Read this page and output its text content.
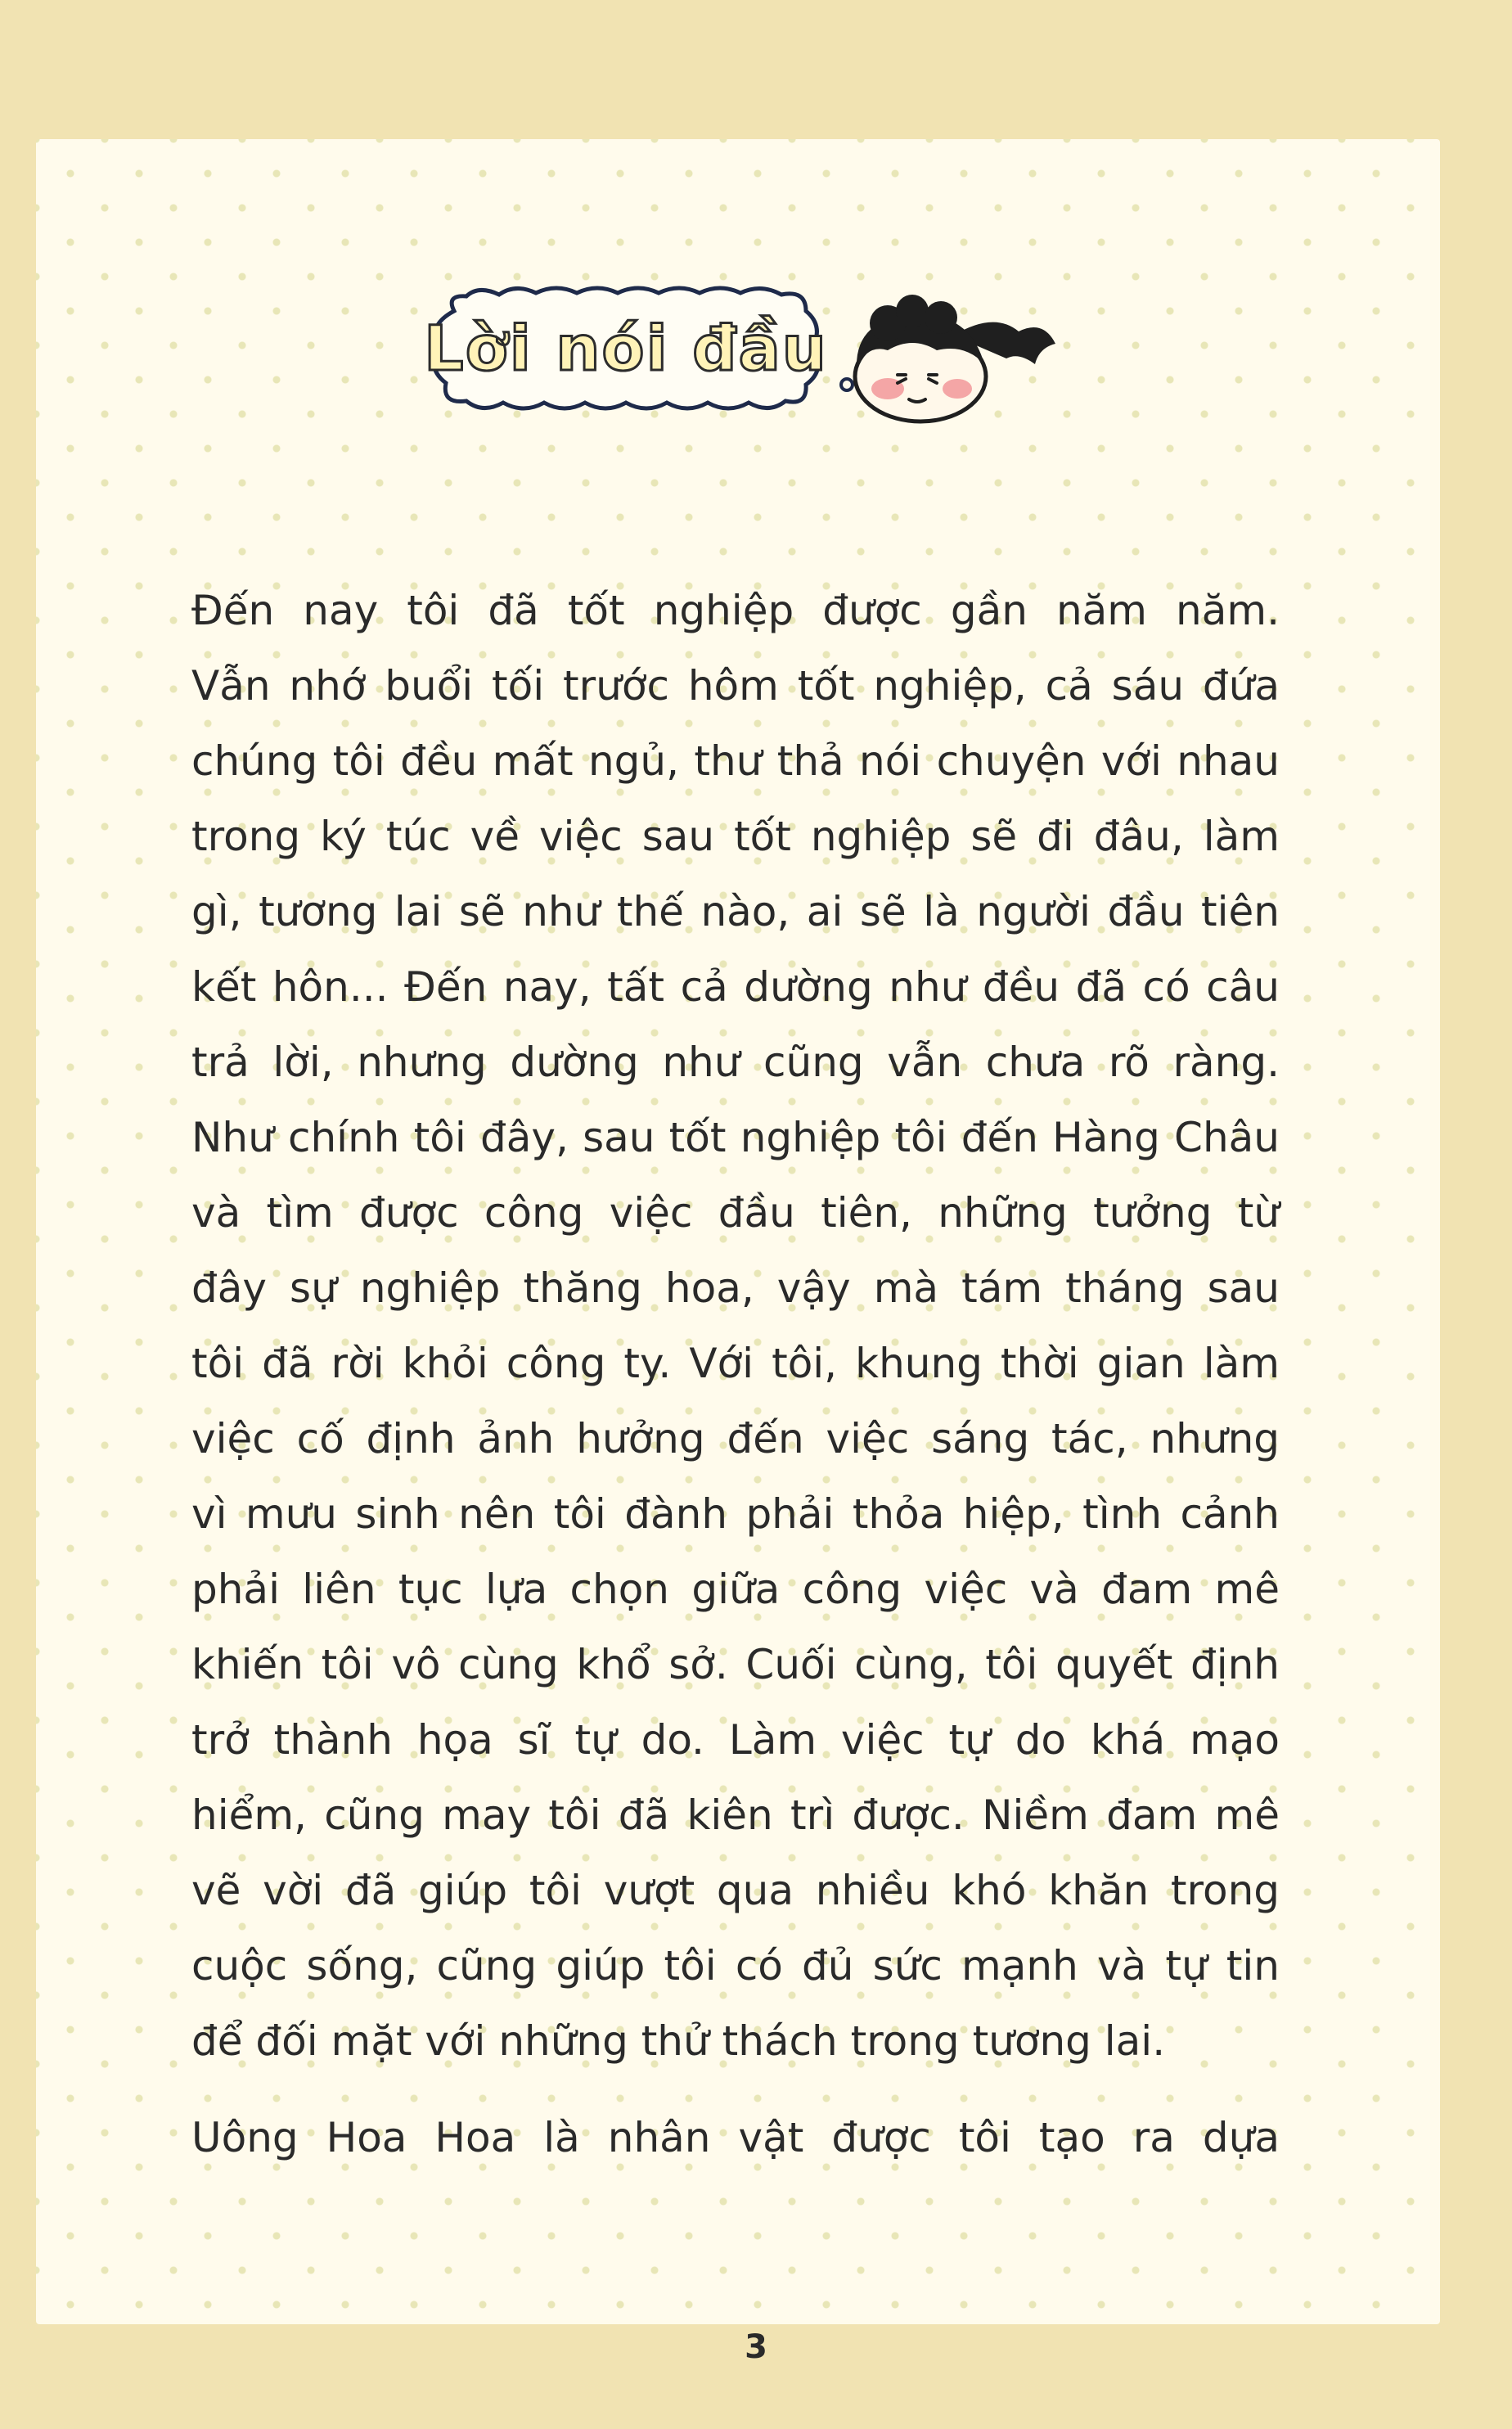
Lời nói đầu
Đến nay tôi đã tốt nghiệp được gần năm năm.
Vẫn nhớ buổi tối trước hôm tốt nghiệp, cả sáu đứa
chúng tôi đều mất ngủ, thư thả nói chuyện với nhau
trong ký túc về việc sau tốt nghiệp sẽ đi đâu, làm
gì, tương lai sẽ như thế nào, ai sẽ là người đầu tiên
kết hôn... Đến nay, tất cả dường như đều đã có câu
trả lời, nhưng dường như cũng vẫn chưa rõ ràng.
Như chính tôi đây, sau tốt nghiệp tôi đến Hàng Châu
và tìm được công việc đầu tiên, những tưởng từ
đây sự nghiệp thăng hoa, vậy mà tám tháng sau
tôi đã rời khỏi công ty. Với tôi, khung thời gian làm
việc cố định ảnh hưởng đến việc sáng tác, nhưng
vì mưu sinh nên tôi đành phải thỏa hiệp, tình cảnh
phải liên tục lựa chọn giữa công việc và đam mê
khiến tôi vô cùng khổ sở. Cuối cùng, tôi quyết định
trở thành họa sĩ tự do. Làm việc tự do khá mạo
hiểm, cũng may tôi đã kiên trì được. Niềm đam mê
vẽ vời đã giúp tôi vượt qua nhiều khó khăn trong
cuộc sống, cũng giúp tôi có đủ sức mạnh và tự tin
để đối mặt với những thử thách trong tương lai.
Uông Hoa Hoa là nhân vật được tôi tạo ra dựa
3
